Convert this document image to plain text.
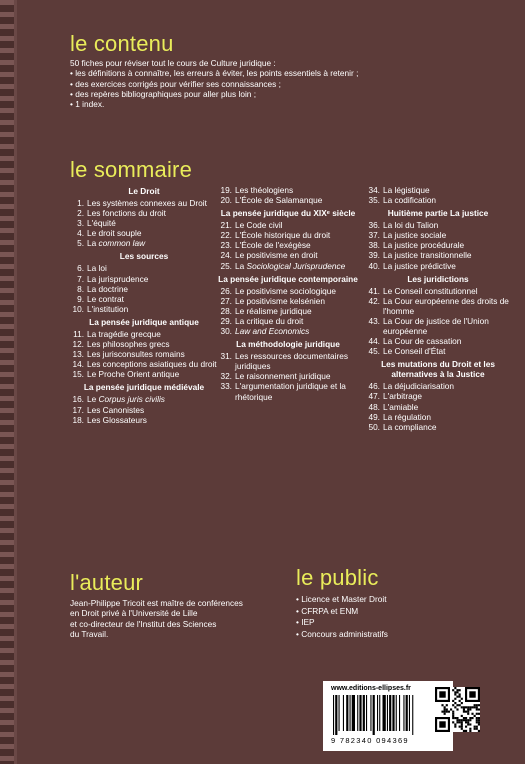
le contenu
50 fiches pour réviser tout le cours de Culture juridique :
• les définitions à connaître, les erreurs à éviter, les points essentiels à retenir ;
• des exercices corrigés pour vérifier ses connaissances ;
• des repères bibliographiques pour aller plus loin ;
• 1 index.
le sommaire
Le Droit
1. Les systèmes connexes au Droit
2. Les fonctions du droit
3. L'équité
4. Le droit souple
5. La common law
Les sources
6. La loi
7. La jurisprudence
8. La doctrine
9. Le contrat
10. L'institution
La pensée juridique antique
11. La tragédie grecque
12. Les philosophes grecs
13. Les jurisconsultes romains
14. Les conceptions asiatiques du droit
15. Le Proche Orient antique
La pensée juridique médiévale
16. Le Corpus juris civilis
17. Les Canonistes
18. Les Glossateurs
19. Les théologiens
20. L'École de Salamanque
La pensée juridique du XIXᵉ siècle
21. Le Code civil
22. L'École historique du droit
23. L'École de l'exégèse
24. Le positivisme en droit
25. La Sociological Jurisprudence
La pensée juridique contemporaine
26. Le positivisme sociologique
27. Le positivisme kelsénien
28. Le réalisme juridique
29. La critique du droit
30. Law and Economics
La méthodologie juridique
31. Les ressources documentaires juridiques
32. Le raisonnement juridique
33. L'argumentation juridique et la rhétorique
34. La légistique
35. La codification
Huitième partie La justice
36. La loi du Talion
37. La justice sociale
38. La justice procédurale
39. La justice transitionnelle
40. La justice prédictive
Les juridictions
41. Le Conseil constitutionnel
42. La Cour européenne des droits de l'homme
43. La Cour de justice de l'Union européenne
44. La Cour de cassation
45. Le Conseil d'État
Les mutations du Droit et les alternatives à la Justice
46. La déjudiciarisation
47. L'arbitrage
48. L'amiable
49. La régulation
50. La compliance
l'auteur
Jean-Philippe Tricoit est maître de conférences
en Droit privé à l'Université de Lille
et co-directeur de l'Institut des Sciences
du Travail.
le public
• Licence et Master Droit
• CFRPA et ENM
• IEP
• Concours administratifs
www.editions-ellipses.fr
9 782340 094369
